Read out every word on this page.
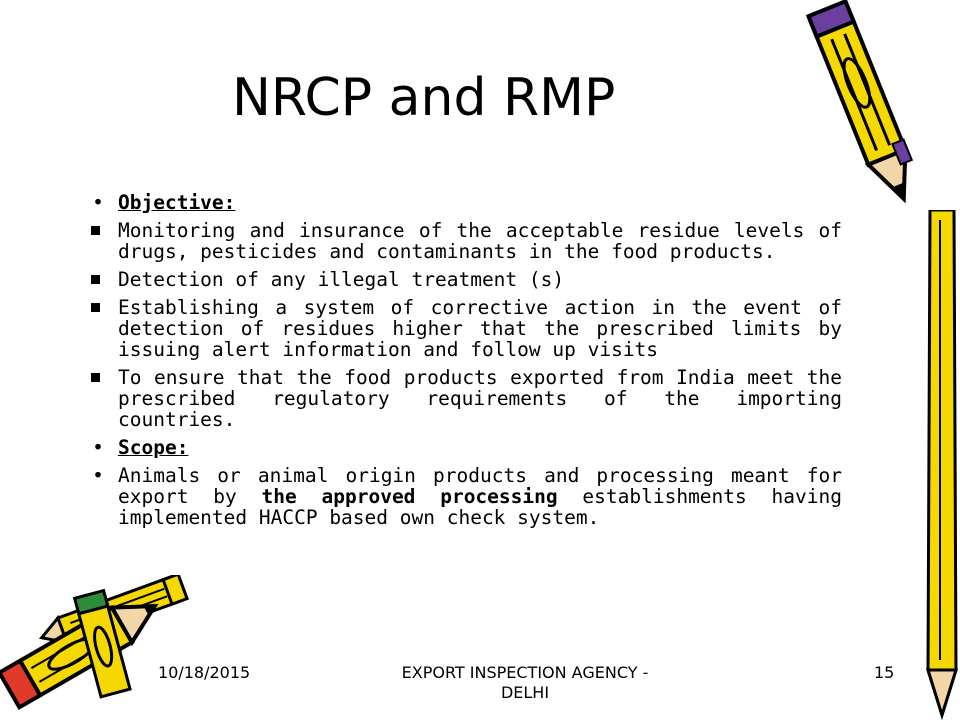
NRCP and RMP
• Objective:
Monitoring and insurance of the acceptable residue levels of drugs, pesticides and contaminants in the food products.
Detection of any illegal treatment (s)
Establishing a system of corrective action in the event of detection of residues higher that the prescribed limits by issuing alert information and follow up visits
To ensure that the food products exported from India meet the prescribed regulatory requirements of the importing countries.
• Scope:
• Animals or animal origin products and processing meant for export by the approved processing establishments having implemented HACCP based own check system.
10/18/2015	EXPORT INSPECTION AGENCY - DELHI
15
